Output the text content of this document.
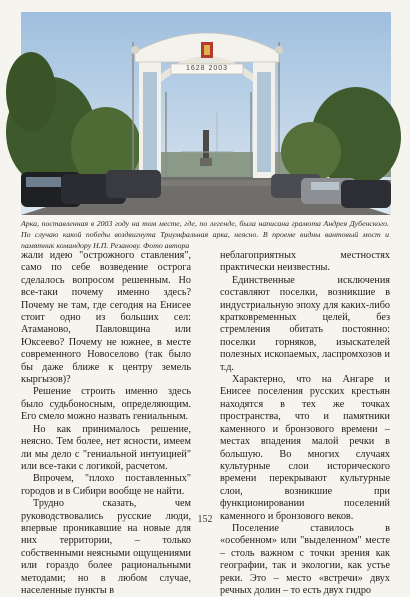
1628 2003
Арка, поставленная в 2003 году на том месте, где, по легенде, была написана грамота Андрея Дубенского. По случаю какой победы воздвигнута Триумфальная арка, неясно. В проеме видны вантовый мост и памятник командору Н.П. Резанову. Фото автора

жали идею "острожного ставления", само по себе возведение острога сделалось вопросом решенным. Но все-таки почему именно здесь? Почему не там, где сегодня на Енисее стоит одно из больших сел: Атаманово, Павловщина или Юксеево? Почему не южнее, в месте современного Новоселово (так было бы даже ближе к центру земель кыргызов)?

Решение строить именно здесь было судьбоносным, определяющим. Его смело можно назвать гениальным.

Но как принималось решение, неясно. Тем более, нет ясности, имеем ли мы дело с "гениальной интуицией" или все-таки с логикой, расчетом.

Впрочем, "плохо поставленных" городов и в Сибири вообще не найти.

Трудно сказать, чем руководствовались русские люди, впервые проникавшие на новые для них территории, – только собственными неясными ощущениями или гораздо более рациональными методами; но в любом случае, населенные пункты в

неблагоприятных местностях практически неизвестны.

Единственные исключения составляют поселки, возникшие в индустриальную эпоху для каких-либо кратковременных целей, без стремления обитать постоянно: поселки горняков, изыскателей полезных ископаемых, ласпромхозов и т.д.

Характерно, что на Ангаре и Енисее поселения русских крестьян находятся в тех же точках пространства, что и памятники каменного и бронзового времени – местах впадения малой речки в большую. Во многих случаях культурные слои исторического времени перекрывают культурные слои, возникшие при функционировании поселений каменного и бронзового веков.

Поселение ставилось в «особенном» или "выделенном" месте – столь важном с точки зрения как географии, так и экологии, как устье реки. Это – место «встречи» двух речных долин – то есть двух гидро

152
